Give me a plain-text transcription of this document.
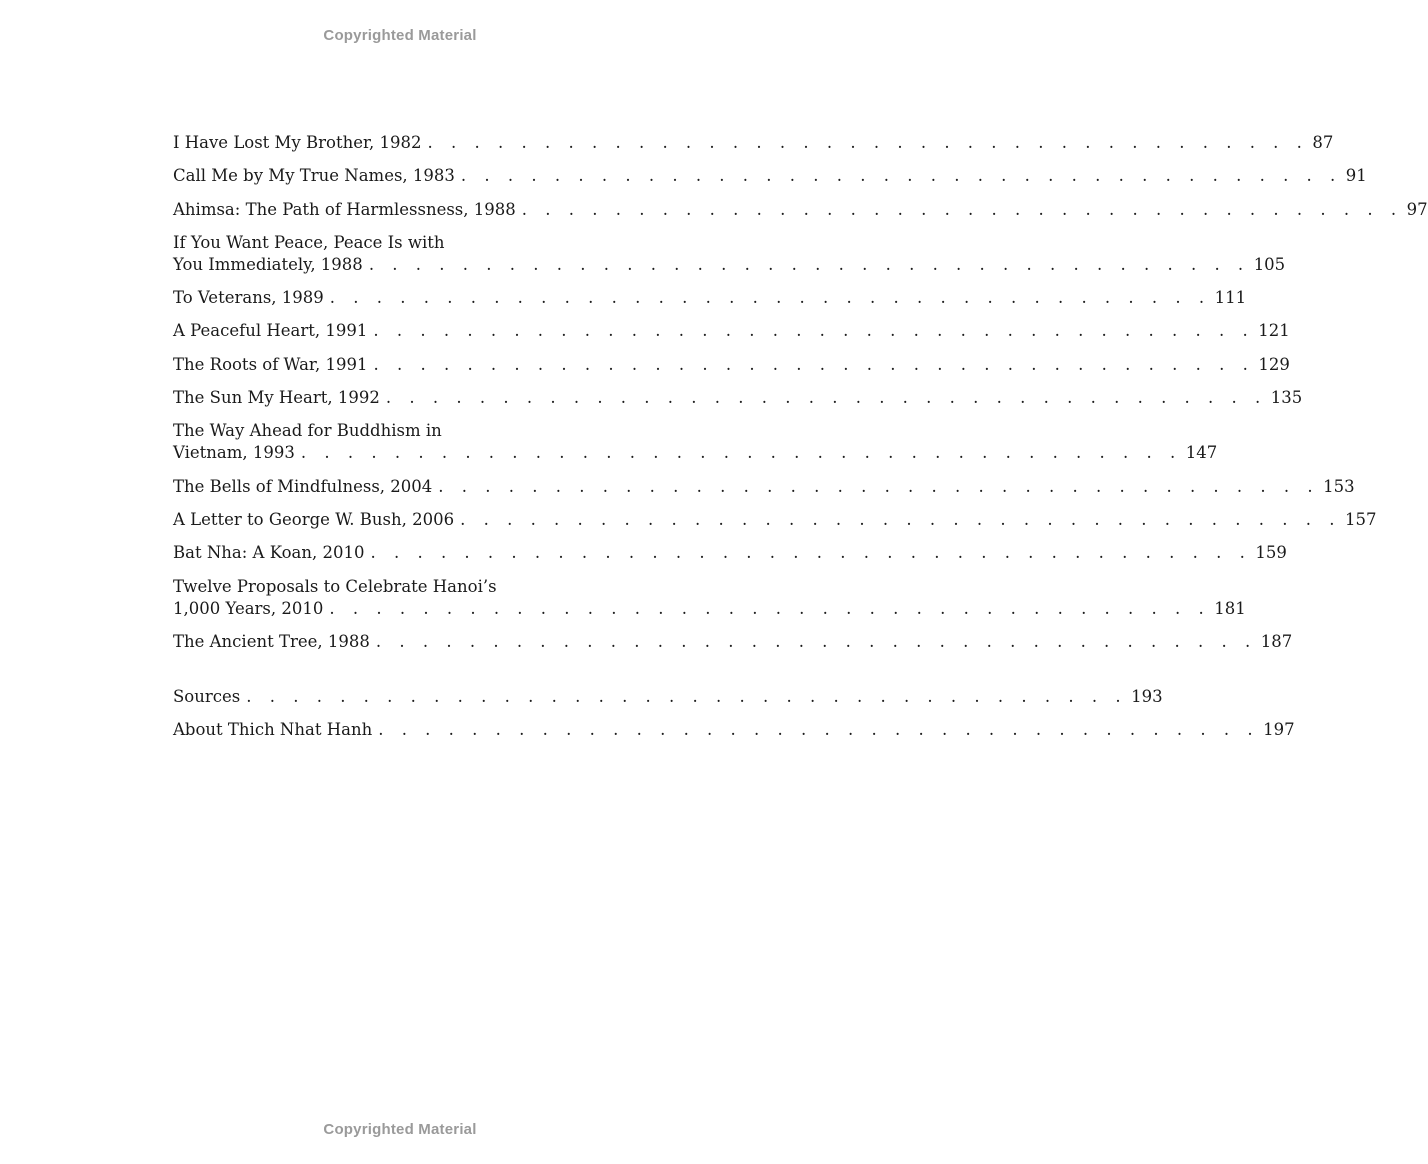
Copyrighted Material
I Have Lost My Brother, 1982 . . . . . . . . . . . . . . . . . . . . . . . . . . . . . . . . . . . . . . 87
Call Me by My True Names, 1983 . . . . . . . . . . . . . . . . . . . . . . . . . . . . . . . . . . . . . . 91
Ahimsa: The Path of Harmlessness, 1988 . . . . . . . . . . . . . . . . . . . . . . . . . . . . . . . . . . . . . . 97
If You Want Peace, Peace Is with
You Immediately, 1988 . . . . . . . . . . . . . . . . . . . . . . . . . . . . . . . . . . . . . . 105
To Veterans, 1989 . . . . . . . . . . . . . . . . . . . . . . . . . . . . . . . . . . . . . . 111
A Peaceful Heart, 1991 . . . . . . . . . . . . . . . . . . . . . . . . . . . . . . . . . . . . . . 121
The Roots of War, 1991 . . . . . . . . . . . . . . . . . . . . . . . . . . . . . . . . . . . . . . 129
The Sun My Heart, 1992 . . . . . . . . . . . . . . . . . . . . . . . . . . . . . . . . . . . . . . 135
The Way Ahead for Buddhism in
Vietnam, 1993 . . . . . . . . . . . . . . . . . . . . . . . . . . . . . . . . . . . . . . 147
The Bells of Mindfulness, 2004 . . . . . . . . . . . . . . . . . . . . . . . . . . . . . . . . . . . . . . 153
A Letter to George W. Bush, 2006 . . . . . . . . . . . . . . . . . . . . . . . . . . . . . . . . . . . . . . 157
Bat Nha: A Koan, 2010 . . . . . . . . . . . . . . . . . . . . . . . . . . . . . . . . . . . . . . 159
Twelve Proposals to Celebrate Hanoi’s
1,000 Years, 2010 . . . . . . . . . . . . . . . . . . . . . . . . . . . . . . . . . . . . . . 181
The Ancient Tree, 1988 . . . . . . . . . . . . . . . . . . . . . . . . . . . . . . . . . . . . . . 187
Sources . . . . . . . . . . . . . . . . . . . . . . . . . . . . . . . . . . . . . . 193
About Thich Nhat Hanh . . . . . . . . . . . . . . . . . . . . . . . . . . . . . . . . . . . . . . 197
Copyrighted Material
